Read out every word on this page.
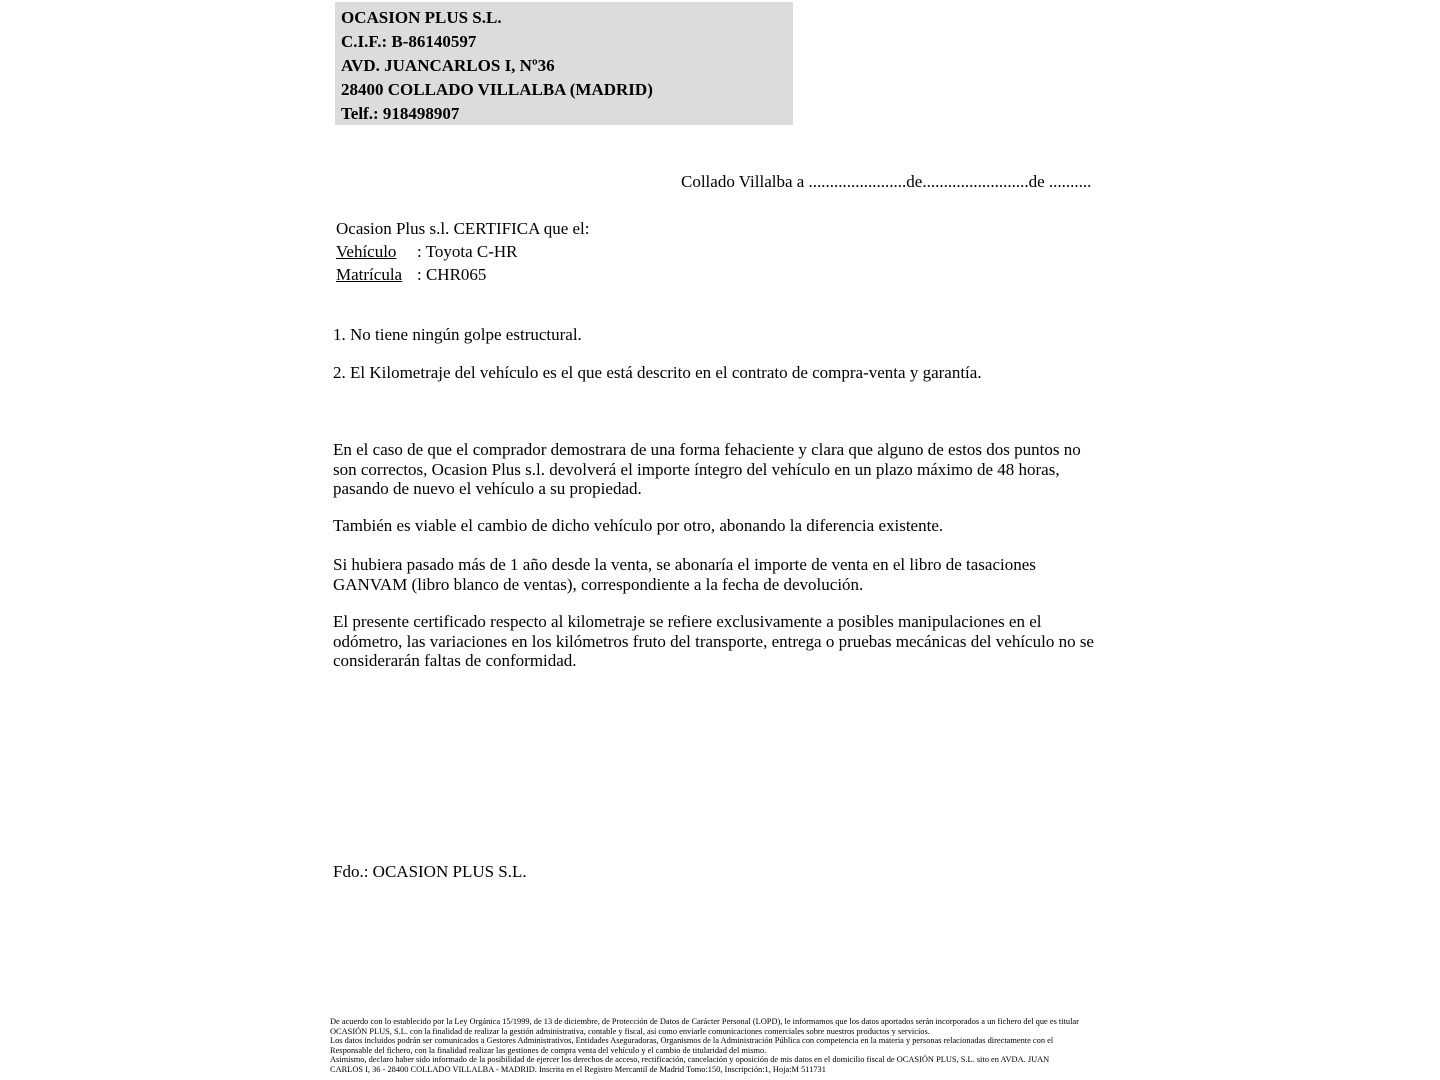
OCASION PLUS S.L.
C.I.F.: B-86140597
AVD. JUANCARLOS I, Nº36
28400 COLLADO VILLALBA (MADRID)
Telf.: 918498907
Collado Villalba a .......................de.........................de ..........
Ocasion Plus s.l. CERTIFICA que el:
Vehículo : Toyota C-HR
Matrícula : CHR065
1. No tiene ningún golpe estructural.
2. El Kilometraje del vehículo es el que está descrito en el contrato de compra-venta y garantía.
En el caso de que el comprador demostrara de una forma fehaciente y clara que alguno de estos dos puntos no son correctos, Ocasion Plus s.l. devolverá el importe íntegro del vehículo en un plazo máximo de 48 horas, pasando de nuevo el vehículo a su propiedad.
También es viable el cambio de dicho vehículo por otro, abonando la diferencia existente.
Si hubiera pasado más de 1 año desde la venta, se abonaría el importe de venta en el libro de tasaciones GANVAM (libro blanco de ventas), correspondiente a la fecha de devolución.
El presente certificado respecto al kilometraje se refiere exclusivamente a posibles manipulaciones en el odómetro, las variaciones en los kilómetros fruto del transporte, entrega o pruebas mecánicas del vehículo no se considerarán faltas de conformidad.
Fdo.: OCASION PLUS S.L.
De acuerdo con lo establecido por la Ley Orgánica 15/1999, de 13 de diciembre, de Protección de Datos de Carácter Personal (LOPD), le informamos que los datos aportados serán incorporados a un fichero del que es titular
OCASIÓN PLUS, S.L. con la finalidad de realizar la gestión administrativa, contable y fiscal, así como enviarle comunicaciones comerciales sobre nuestros productos y servicios.
Los datos incluidos podrán ser comunicados a Gestores Administrativos, Entidades Aseguradoras, Organismos de la Administración Pública con competencia en la materia y personas relacionadas directamente con el
Responsable del fichero, con la finalidad realizar las gestiones de compra venta del vehículo y el cambio de titularidad del mismo.
Asimismo, declaro haber sido informado de la posibilidad de ejercer los derechos de acceso, rectificación, cancelación y oposición de mis datos en el domicilio fiscal de OCASIÓN PLUS, S.L. sito en AVDA. JUAN
CARLOS I, 36 - 28400 COLLADO VILLALBA - MADRID. Inscrita en el Registro Mercantil de Madrid Tomo:150, Inscripción:1, Hoja:M 511731
